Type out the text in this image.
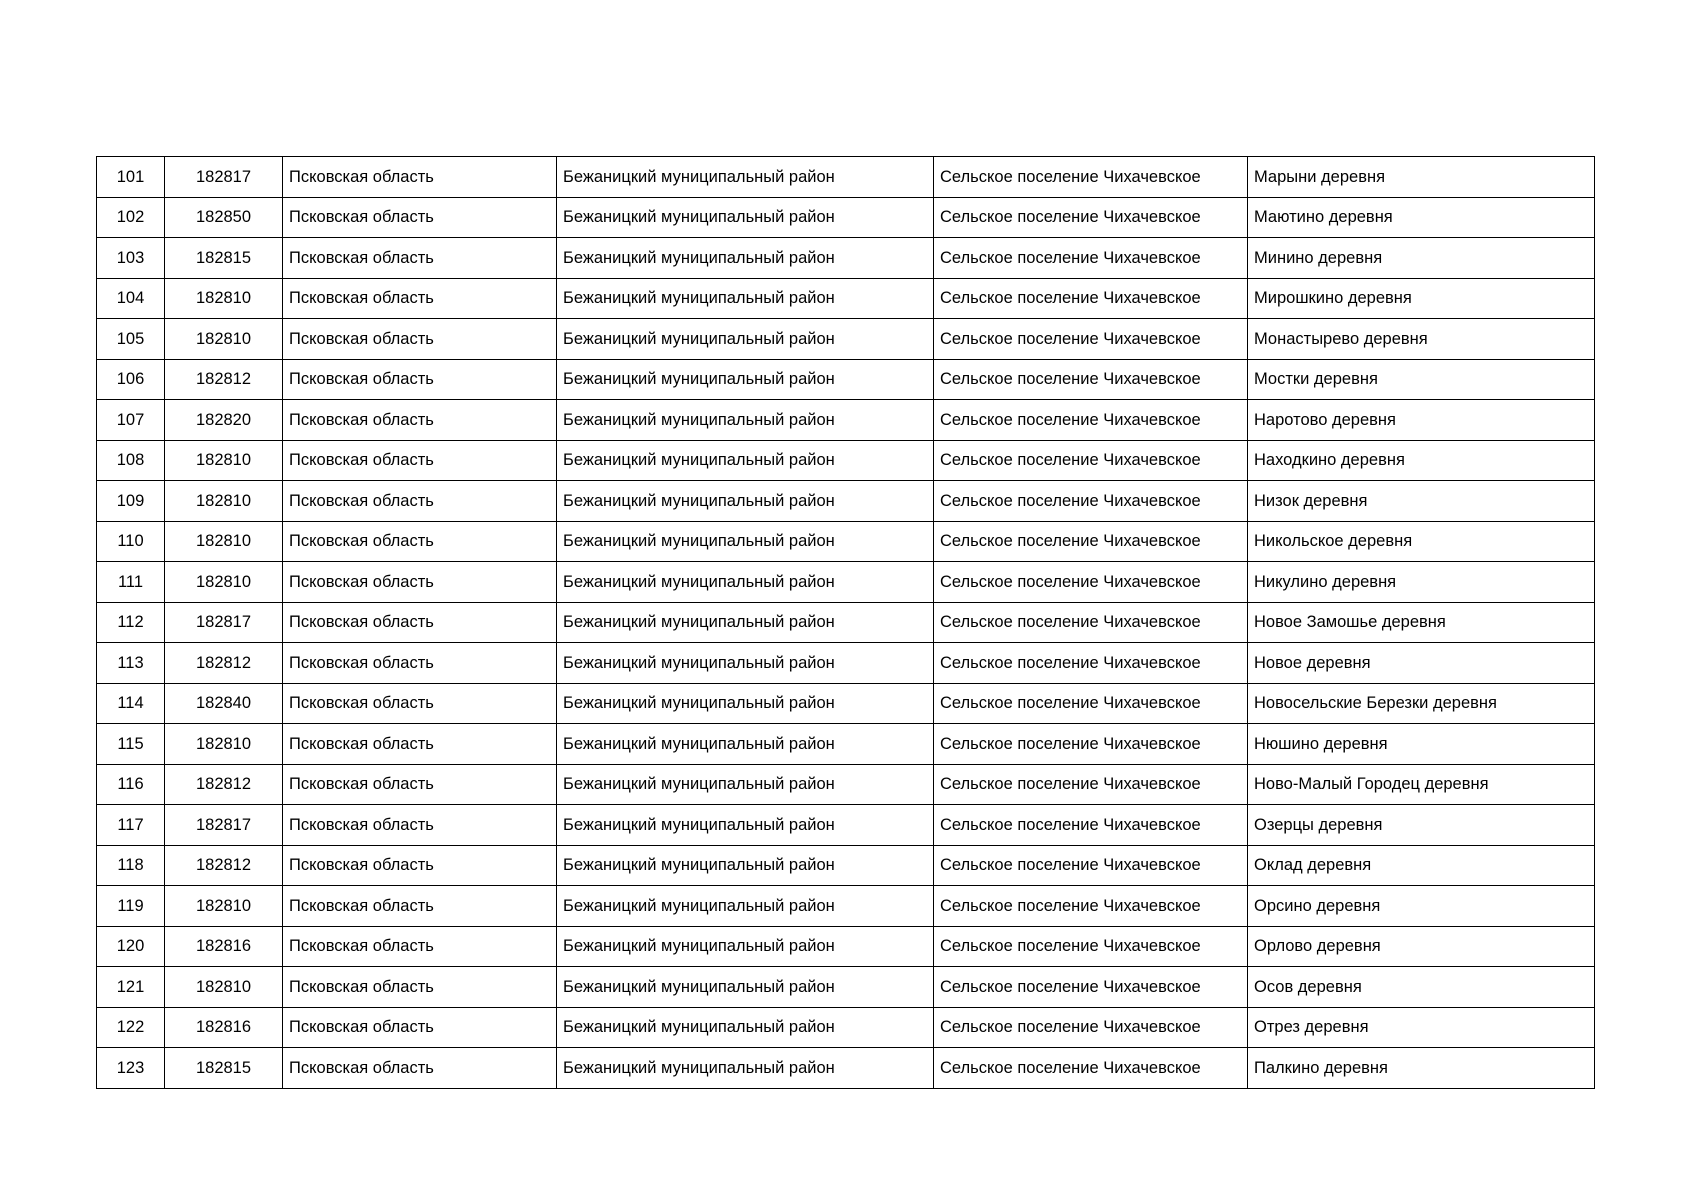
101	182817	Псковская область	Бежаницкий муниципальный район	Сельское поселение Чихачевское	Марыни деревня
102	182850	Псковская область	Бежаницкий муниципальный район	Сельское поселение Чихачевское	Маютино деревня
103	182815	Псковская область	Бежаницкий муниципальный район	Сельское поселение Чихачевское	Минино деревня
104	182810	Псковская область	Бежаницкий муниципальный район	Сельское поселение Чихачевское	Мирошкино деревня
105	182810	Псковская область	Бежаницкий муниципальный район	Сельское поселение Чихачевское	Монастырево деревня
106	182812	Псковская область	Бежаницкий муниципальный район	Сельское поселение Чихачевское	Мостки деревня
107	182820	Псковская область	Бежаницкий муниципальный район	Сельское поселение Чихачевское	Наротово деревня
108	182810	Псковская область	Бежаницкий муниципальный район	Сельское поселение Чихачевское	Находкино деревня
109	182810	Псковская область	Бежаницкий муниципальный район	Сельское поселение Чихачевское	Низок деревня
110	182810	Псковская область	Бежаницкий муниципальный район	Сельское поселение Чихачевское	Никольское деревня
111	182810	Псковская область	Бежаницкий муниципальный район	Сельское поселение Чихачевское	Никулино деревня
112	182817	Псковская область	Бежаницкий муниципальный район	Сельское поселение Чихачевское	Новое Замошье деревня
113	182812	Псковская область	Бежаницкий муниципальный район	Сельское поселение Чихачевское	Новое деревня
114	182840	Псковская область	Бежаницкий муниципальный район	Сельское поселение Чихачевское	Новосельские Березки деревня
115	182810	Псковская область	Бежаницкий муниципальный район	Сельское поселение Чихачевское	Нюшино деревня
116	182812	Псковская область	Бежаницкий муниципальный район	Сельское поселение Чихачевское	Ново-Малый Городец деревня
117	182817	Псковская область	Бежаницкий муниципальный район	Сельское поселение Чихачевское	Озерцы деревня
118	182812	Псковская область	Бежаницкий муниципальный район	Сельское поселение Чихачевское	Оклад деревня
119	182810	Псковская область	Бежаницкий муниципальный район	Сельское поселение Чихачевское	Орсино деревня
120	182816	Псковская область	Бежаницкий муниципальный район	Сельское поселение Чихачевское	Орлово деревня
121	182810	Псковская область	Бежаницкий муниципальный район	Сельское поселение Чихачевское	Осов деревня
122	182816	Псковская область	Бежаницкий муниципальный район	Сельское поселение Чихачевское	Отрез деревня
123	182815	Псковская область	Бежаницкий муниципальный район	Сельское поселение Чихачевское	Палкино деревня
